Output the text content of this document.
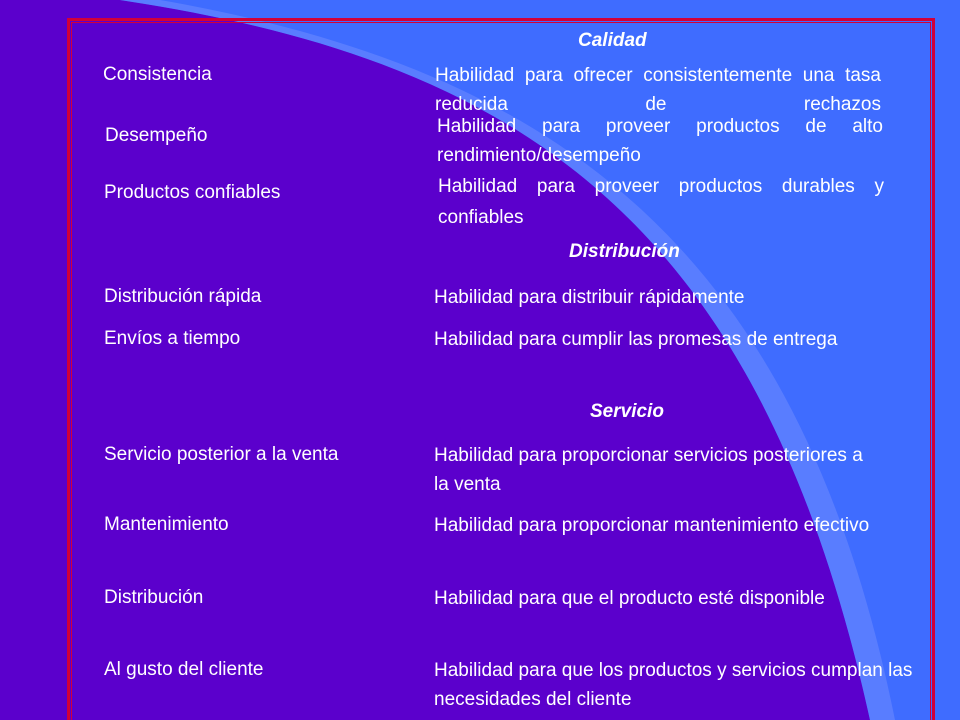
Calidad
Consistencia	Habilidad para ofrecer consistentemente una tasa reducida de rechazos
Desempeño	Habilidad para proveer productos de alto rendimiento/desempeño
Productos confiables	Habilidad para proveer productos durables y confiables
Distribución
Distribución rápida	Habilidad para distribuir rápidamente
Envíos a tiempo	Habilidad para cumplir las promesas de entrega
Servicio
Servicio posterior a la venta	Habilidad para proporcionar servicios posteriores a la venta
Mantenimiento	Habilidad para proporcionar mantenimiento efectivo
Distribución	Habilidad para que el producto esté disponible
Al gusto del cliente	Habilidad para que los productos y servicios cumplan las necesidades del cliente
